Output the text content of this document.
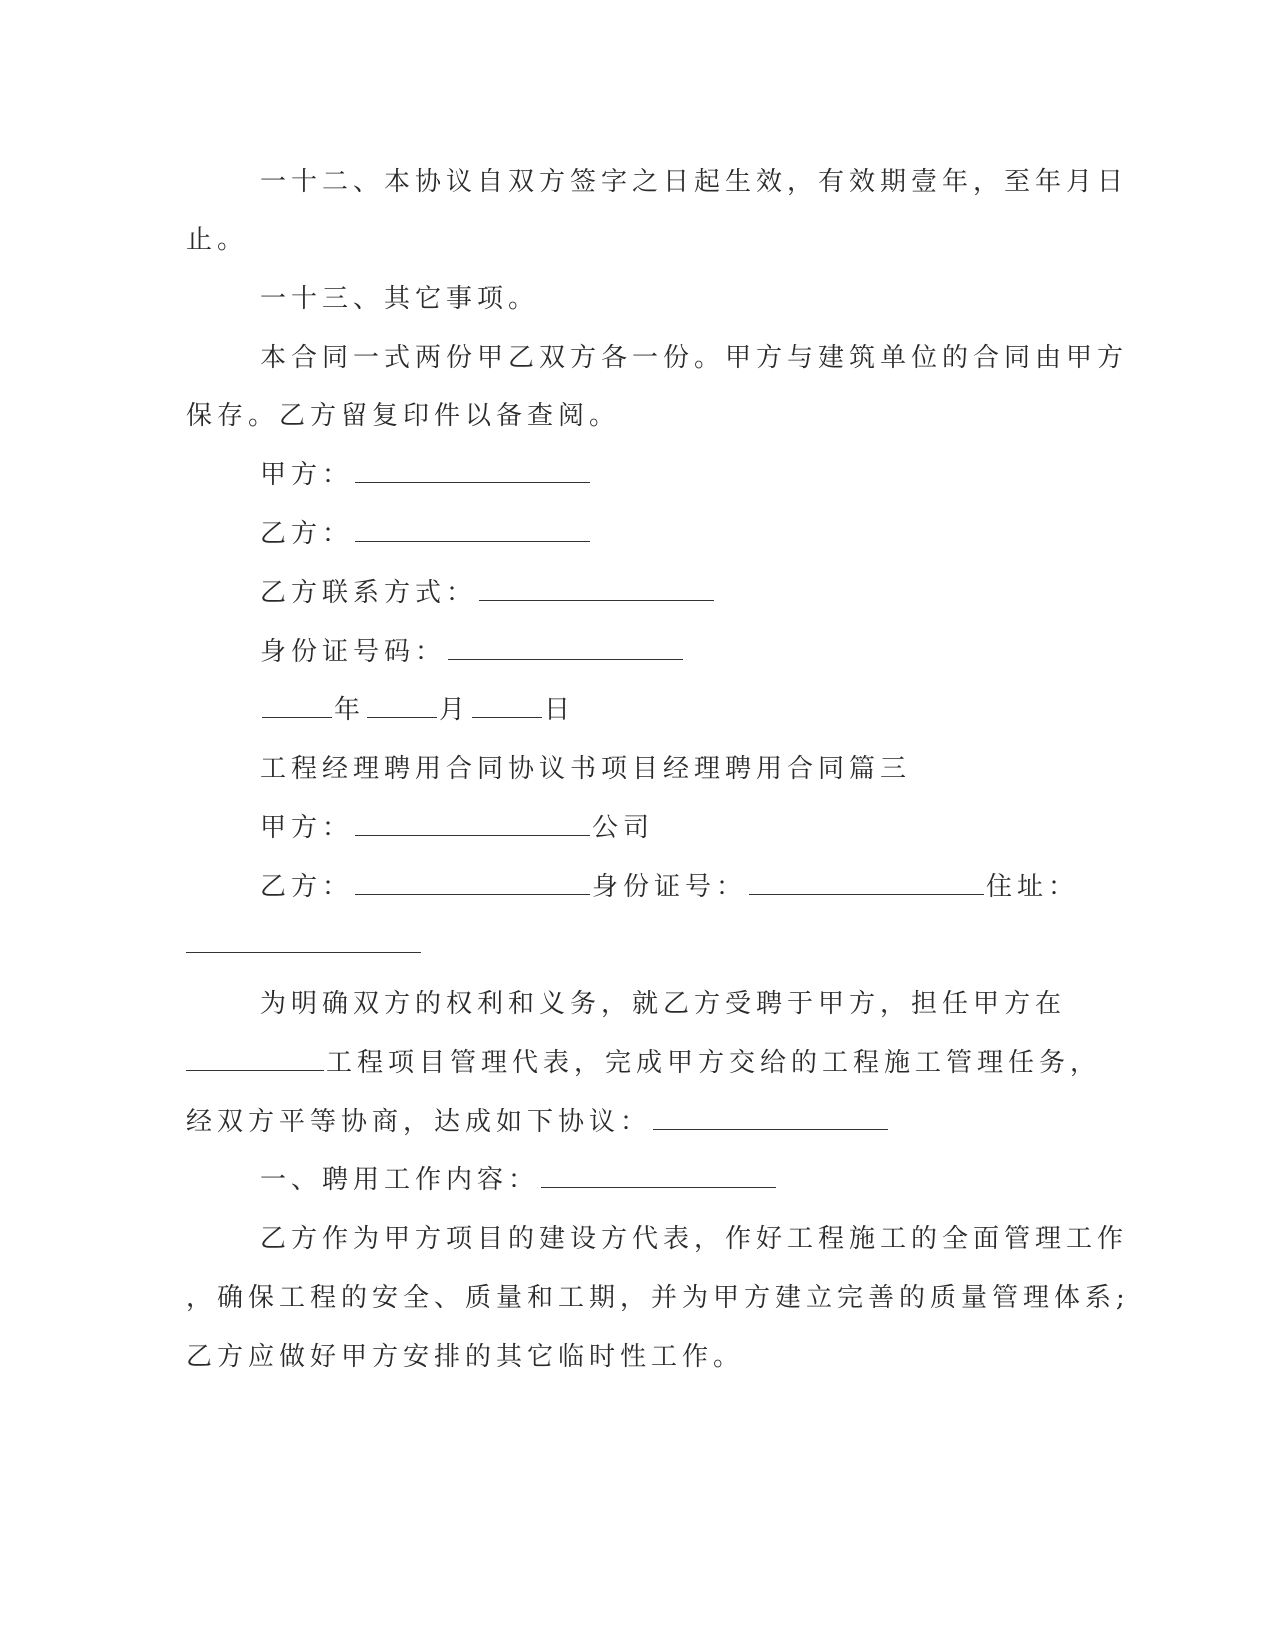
一十二、本协议自双方签字之日起生效，有效期壹年，至年月日
止。
一十三、其它事项。
本合同一式两份甲乙双方各一份。甲方与建筑单位的合同由甲方
保存。乙方留复印件以备查阅。
甲方：
乙方：
乙方联系方式：
身份证号码：
年	月	日
工程经理聘用合同协议书项目经理聘用合同篇三
甲方：	公司
乙方：	身份证号：	住址：
为明确双方的权利和义务，就乙方受聘于甲方，担任甲方在
工程项目管理代表，完成甲方交给的工程施工管理任务，
经双方平等协商，达成如下协议：
一、聘用工作内容：
乙方作为甲方项目的建设方代表，作好工程施工的全面管理工作
，确保工程的安全、质量和工期，并为甲方建立完善的质量管理体系;
乙方应做好甲方安排的其它临时性工作。
